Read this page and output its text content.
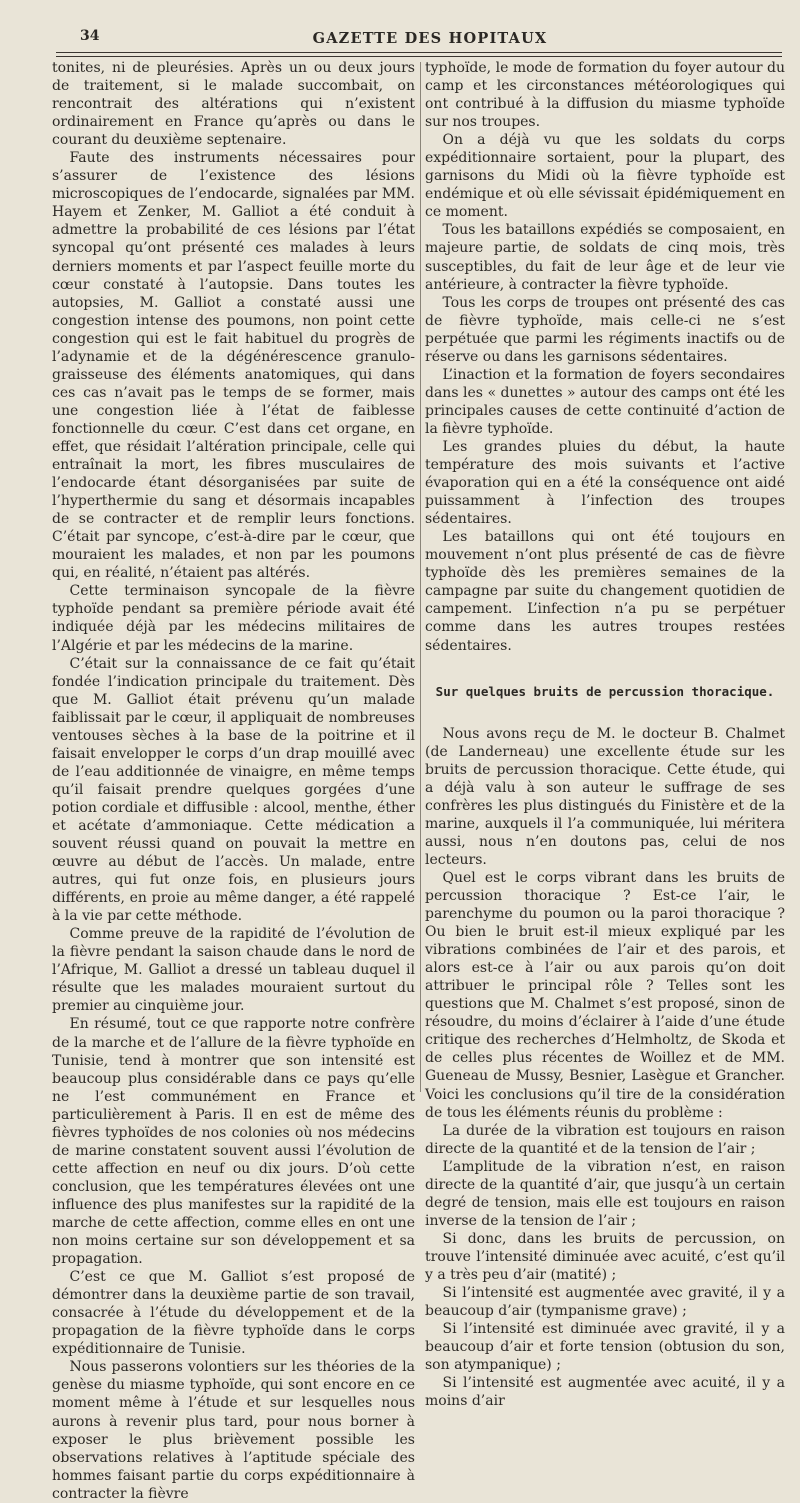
34	GAZETTE DES HOPITAUX

tonites, ni de pleurésies. Après un ou deux jours de traitement, si le malade succombait, on rencontrait des altérations qui n’existent ordinairement en France qu’après ou dans le courant du deuxième septenaire.

Faute des instruments nécessaires pour s’assurer de l’existence des lésions microscopiques de l’endocarde, signalées par MM. Hayem et Zenker, M. Galliot a été conduit à admettre la probabilité de ces lésions par l’état syncopal qu’ont présenté ces malades à leurs derniers moments et par l’aspect feuille morte du cœur constaté à l’autopsie. Dans toutes les autopsies, M. Galliot a constaté aussi une congestion intense des poumons, non point cette congestion qui est le fait habituel du progrès de l’adynamie et de la dégénérescence granulo-graisseuse des éléments anatomiques, qui dans ces cas n’avait pas le temps de se former, mais une congestion liée à l’état de faiblesse fonctionnelle du cœur. C’est dans cet organe, en effet, que résidait l’altération principale, celle qui entraînait la mort, les fibres musculaires de l’endocarde étant désorganisées par suite de l’hyperthermie du sang et désormais incapables de se contracter et de remplir leurs fonctions. C’était par syncope, c’est-à-dire par le cœur, que mouraient les malades, et non par les poumons qui, en réalité, n’étaient pas altérés.

Cette terminaison syncopale de la fièvre typhoïde pendant sa première période avait été indiquée déjà par les médecins militaires de l’Algérie et par les médecins de la marine.

C’était sur la connaissance de ce fait qu’était fondée l’indication principale du traitement. Dès que M. Galliot était prévenu qu’un malade faiblissait par le cœur, il appliquait de nombreuses ventouses sèches à la base de la poitrine et il faisait envelopper le corps d’un drap mouillé avec de l’eau additionnée de vinaigre, en même temps qu’il faisait prendre quelques gorgées d’une potion cordiale et diffusible : alcool, menthe, éther et acétate d’ammoniaque. Cette médication a souvent réussi quand on pouvait la mettre en œuvre au début de l’accès. Un malade, entre autres, qui fut onze fois, en plusieurs jours différents, en proie au même danger, a été rappelé à la vie par cette méthode.

Comme preuve de la rapidité de l’évolution de la fièvre pendant la saison chaude dans le nord de l’Afrique, M. Galliot a dressé un tableau duquel il résulte que les malades mouraient surtout du premier au cinquième jour.

En résumé, tout ce que rapporte notre confrère de la marche et de l’allure de la fièvre typhoïde en Tunisie, tend à montrer que son intensité est beaucoup plus considérable dans ce pays qu’elle ne l’est communément en France et particulièrement à Paris. Il en est de même des fièvres typhoïdes de nos colonies où nos médecins de marine constatent souvent aussi l’évolution de cette affection en neuf ou dix jours. D’où cette conclusion, que les températures élevées ont une influence des plus manifestes sur la rapidité de la marche de cette affection, comme elles en ont une non moins certaine sur son développement et sa propagation.

C’est ce que M. Galliot s’est proposé de démontrer dans la deuxième partie de son travail, consacrée à l’étude du développement et de la propagation de la fièvre typhoïde dans le corps expéditionnaire de Tunisie.

Nous passerons volontiers sur les théories de la genèse du miasme typhoïde, qui sont encore en ce moment même à l’étude et sur lesquelles nous aurons à revenir plus tard, pour nous borner à exposer le plus brièvement possible les observations relatives à l’aptitude spéciale des hommes faisant partie du corps expéditionnaire à contracter la fièvre

typhoïde, le mode de formation du foyer autour du camp et les circonstances météorologiques qui ont contribué à la diffusion du miasme typhoïde sur nos troupes.

On a déjà vu que les soldats du corps expéditionnaire sortaient, pour la plupart, des garnisons du Midi où la fièvre typhoïde est endémique et où elle sévissait épidémiquement en ce moment.

Tous les bataillons expédiés se composaient, en majeure partie, de soldats de cinq mois, très susceptibles, du fait de leur âge et de leur vie antérieure, à contracter la fièvre typhoïde.

Tous les corps de troupes ont présenté des cas de fièvre typhoïde, mais celle-ci ne s’est perpétuée que parmi les régiments inactifs ou de réserve ou dans les garnisons sédentaires.

L’inaction et la formation de foyers secondaires dans les « dunettes » autour des camps ont été les principales causes de cette continuité d’action de la fièvre typhoïde.

Les grandes pluies du début, la haute température des mois suivants et l’active évaporation qui en a été la conséquence ont aidé puissamment à l’infection des troupes sédentaires.

Les bataillons qui ont été toujours en mouvement n’ont plus présenté de cas de fièvre typhoïde dès les premières semaines de la campagne par suite du changement quotidien de campement. L’infection n’a pu se perpétuer comme dans les autres troupes restées sédentaires.

Sur quelques bruits de percussion thoracique.

Nous avons reçu de M. le docteur B. Chalmet (de Landerneau) une excellente étude sur les bruits de percussion thoracique. Cette étude, qui a déjà valu à son auteur le suffrage de ses confrères les plus distingués du Finistère et de la marine, auxquels il l’a communiquée, lui méritera aussi, nous n’en doutons pas, celui de nos lecteurs.

Quel est le corps vibrant dans les bruits de percussion thoracique ? Est-ce l’air, le parenchyme du poumon ou la paroi thoracique ? Ou bien le bruit est-il mieux expliqué par les vibrations combinées de l’air et des parois, et alors est-ce à l’air ou aux parois qu’on doit attribuer le principal rôle ? Telles sont les questions que M. Chalmet s’est proposé, sinon de résoudre, du moins d’éclairer à l’aide d’une étude critique des recherches d’Helmholtz, de Skoda et de celles plus récentes de Woillez et de MM. Gueneau de Mussy, Besnier, Lasègue et Grancher. Voici les conclusions qu’il tire de la considération de tous les éléments réunis du problème :

La durée de la vibration est toujours en raison directe de la quantité et de la tension de l’air ;

L’amplitude de la vibration n’est, en raison directe de la quantité d’air, que jusqu’à un certain degré de tension, mais elle est toujours en raison inverse de la tension de l’air ;

Si donc, dans les bruits de percussion, on trouve l’intensité diminuée avec acuité, c’est qu’il y a très peu d’air (matité) ;

Si l’intensité est augmentée avec gravité, il y a beaucoup d’air (tympanisme grave) ;

Si l’intensité est diminuée avec gravité, il y a beaucoup d’air et forte tension (obtusion du son, son atympanique) ;

Si l’intensité est augmentée avec acuité, il y a moins d’air
